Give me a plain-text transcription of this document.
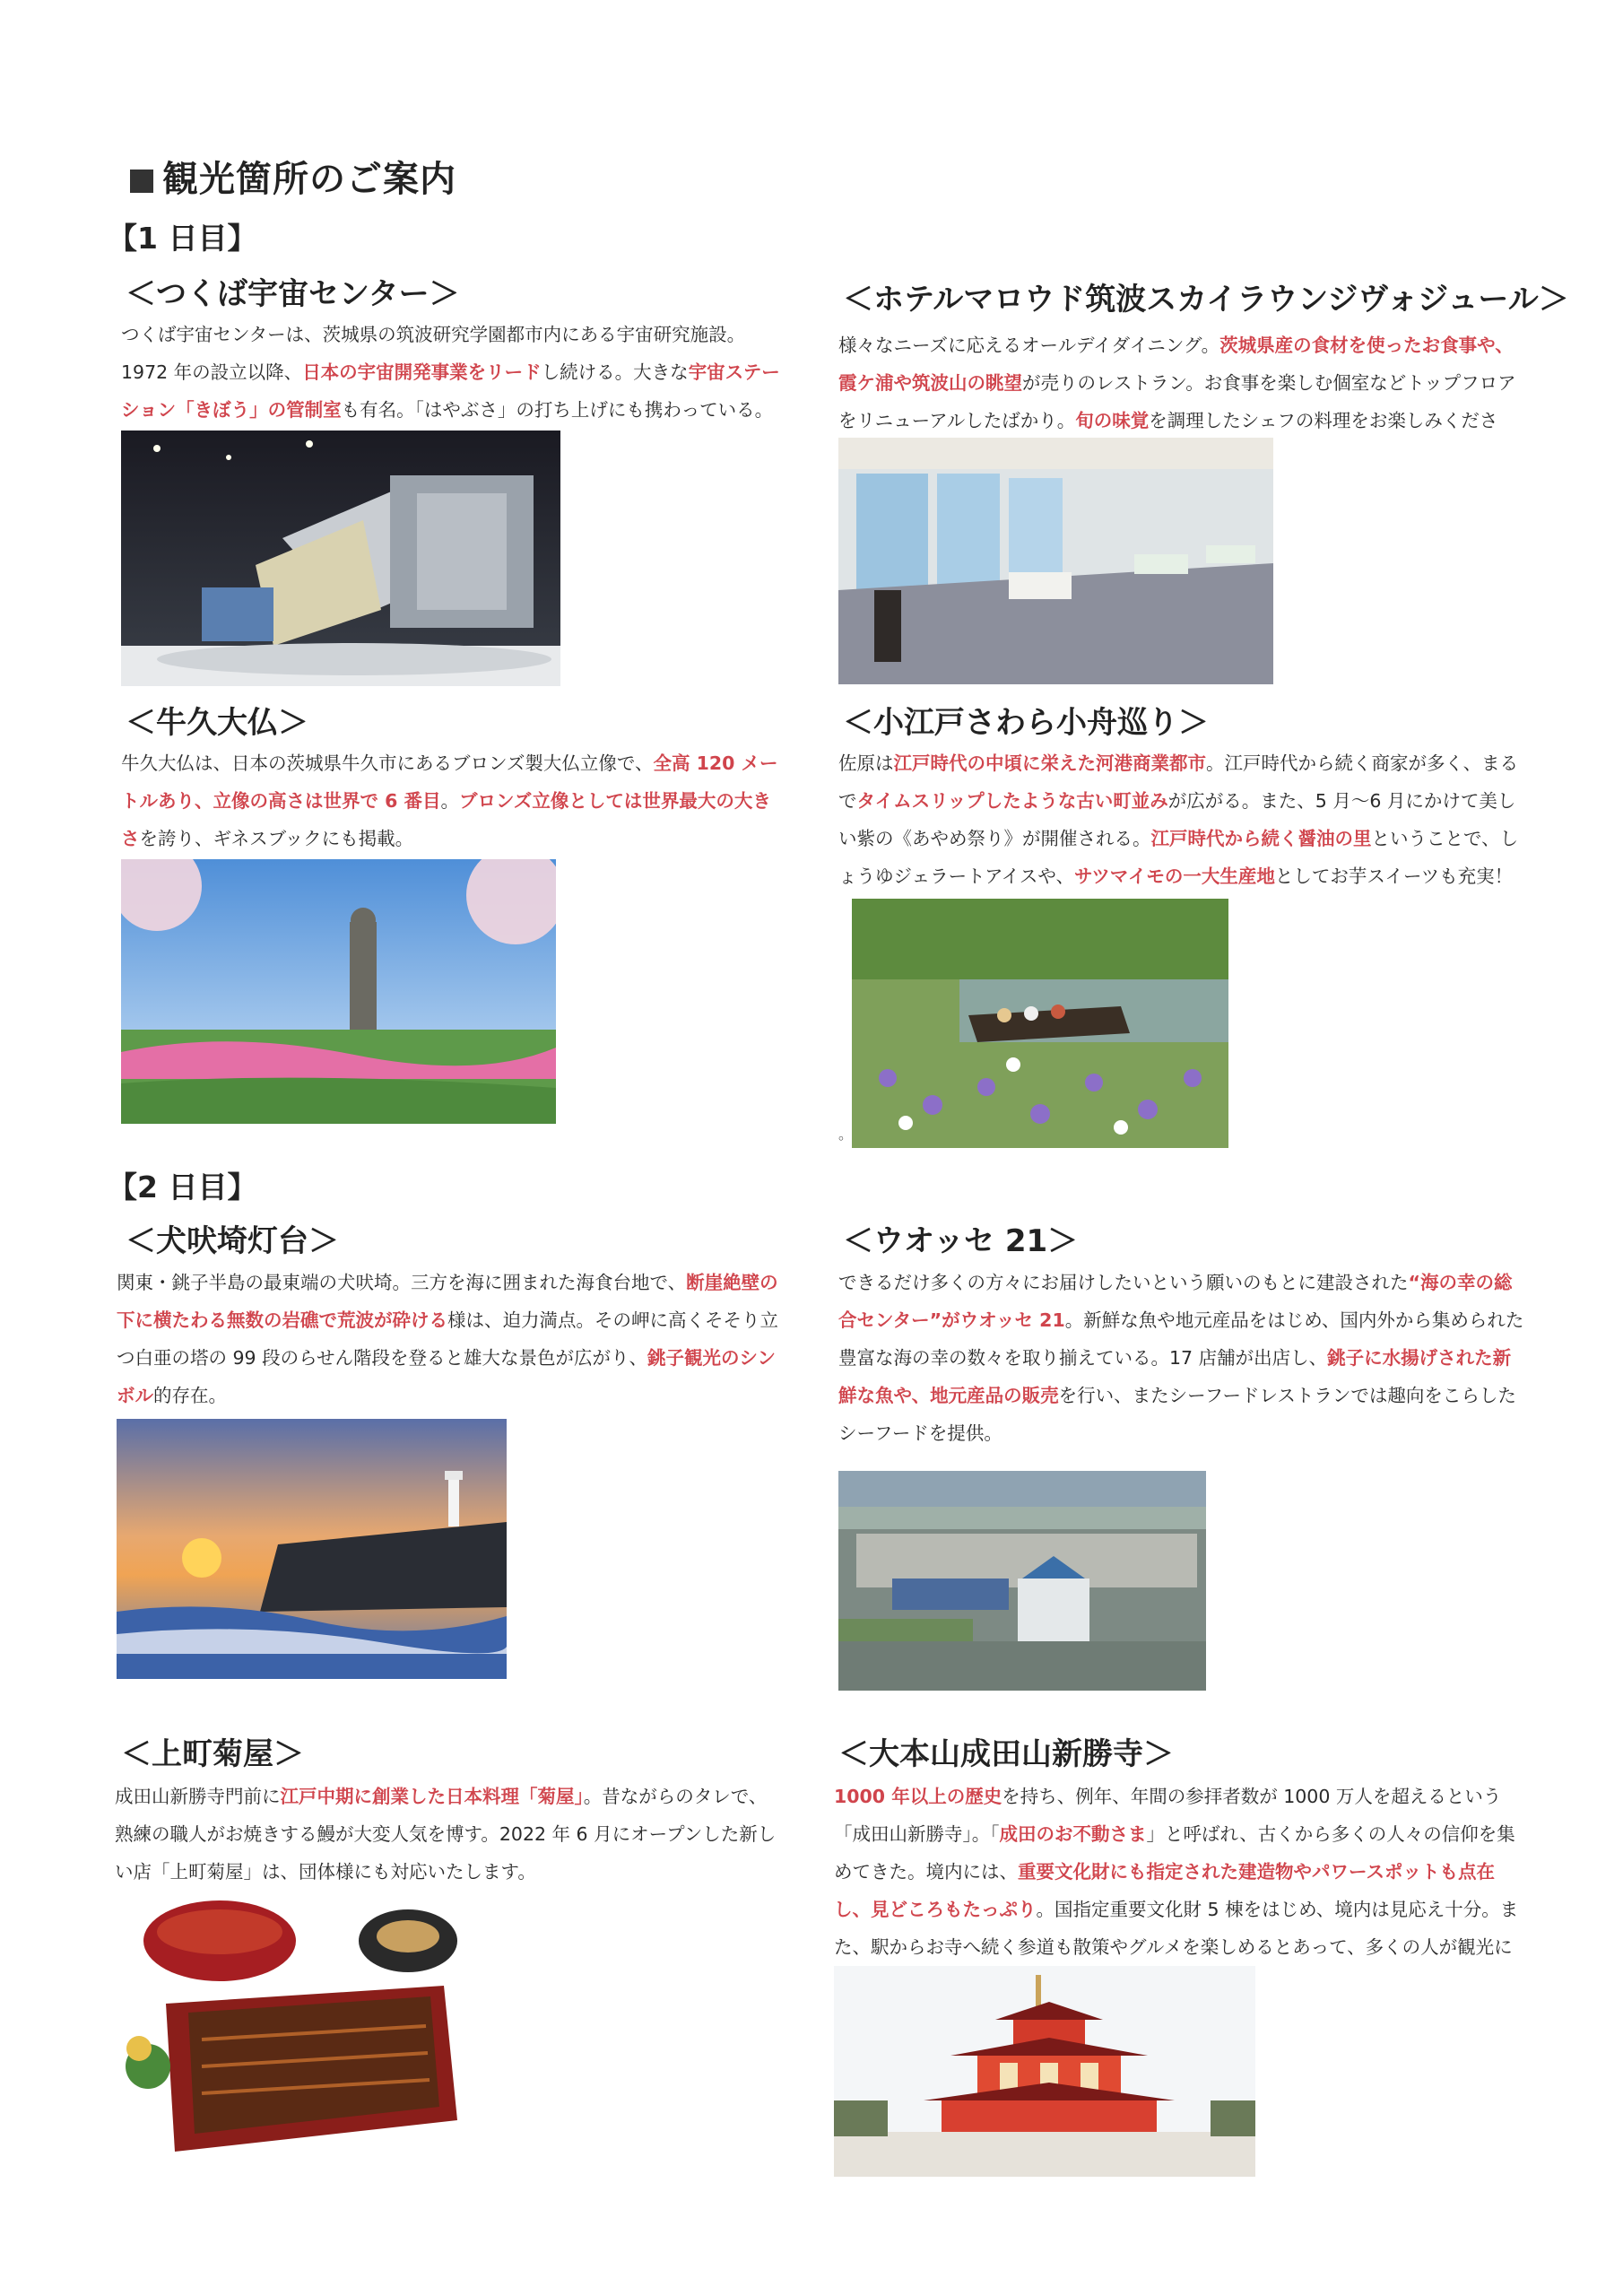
観光箇所のご案内
【1 日目】
＜つくば宇宙センター＞
つくば宇宙センターは、茨城県の筑波研究学園都市内にある宇宙研究施設。1972 年の設立以降、日本の宇宙開発事業をリードし続ける。大きな宇宙ステーション「きぼう」の管制室も有名。「はやぶさ」の打ち上げにも携わっている。
＜牛久大仏＞
牛久大仏は、日本の茨城県牛久市にあるブロンズ製大仏立像で、全高 120 メートルあり、立像の高さは世界で 6 番目。ブロンズ立像としては世界最大の大きさを誇り、ギネスブックにも掲載。
＜ホテルマロウド筑波スカイラウンジヴォジュール＞
様々なニーズに応えるオールデイダイニング。茨城県産の食材を使ったお食事や、霞ケ浦や筑波山の眺望が売りのレストラン。お食事を楽しむ個室などトップフロアをリニューアルしたばかり。旬の味覚を調理したシェフの料理をお楽しみくださ
＜小江戸さわら小舟巡り＞
佐原は江戸時代の中頃に栄えた河港商業都市。江戸時代から続く商家が多く、まるでタイムスリップしたような古い町並みが広がる。また、5 月～6 月にかけて美しい紫の《あやめ祭り》が開催される。江戸時代から続く醤油の里ということで、しょうゆジェラートアイスや、サツマイモの一大生産地としてお芋スイーツも充実！
。
【2 日目】
＜犬吠埼灯台＞
関東・銚子半島の最東端の犬吠埼。三方を海に囲まれた海食台地で、断崖絶壁の下に横たわる無数の岩礁で荒波が砕ける様は、迫力満点。その岬に高くそそり立つ白亜の塔の 99 段のらせん階段を登ると雄大な景色が広がり、銚子観光のシンボル的存在。
＜ウオッセ 21＞
できるだけ多くの方々にお届けしたいという願いのもとに建設された“海の幸の総合センター”がウオッセ 21。新鮮な魚や地元産品をはじめ、国内外から集められた豊富な海の幸の数々を取り揃えている。17 店舗が出店し、銚子に水揚げされた新鮮な魚や、地元産品の販売を行い、またシーフードレストランでは趣向をこらしたシーフードを提供。
＜上町菊屋＞
成田山新勝寺門前に江戸中期に創業した日本料理「菊屋」。昔ながらのタレで、熟練の職人がお焼きする鰻が大変人気を博す。2022 年 6 月にオープンした新しい店「上町菊屋」は、団体様にも対応いたします。
＜大本山成田山新勝寺＞
1000 年以上の歴史を持ち、例年、年間の参拝者数が 1000 万人を超えるという「成田山新勝寺」。「成田のお不動さま」と呼ばれ、古くから多くの人々の信仰を集めてきた。境内には、重要文化財にも指定された建造物やパワースポットも点在し、見どころもたっぷり。国指定重要文化財 5 棟をはじめ、境内は見応え十分。また、駅からお寺へ続く参道も散策やグルメを楽しめるとあって、多くの人が観光に
